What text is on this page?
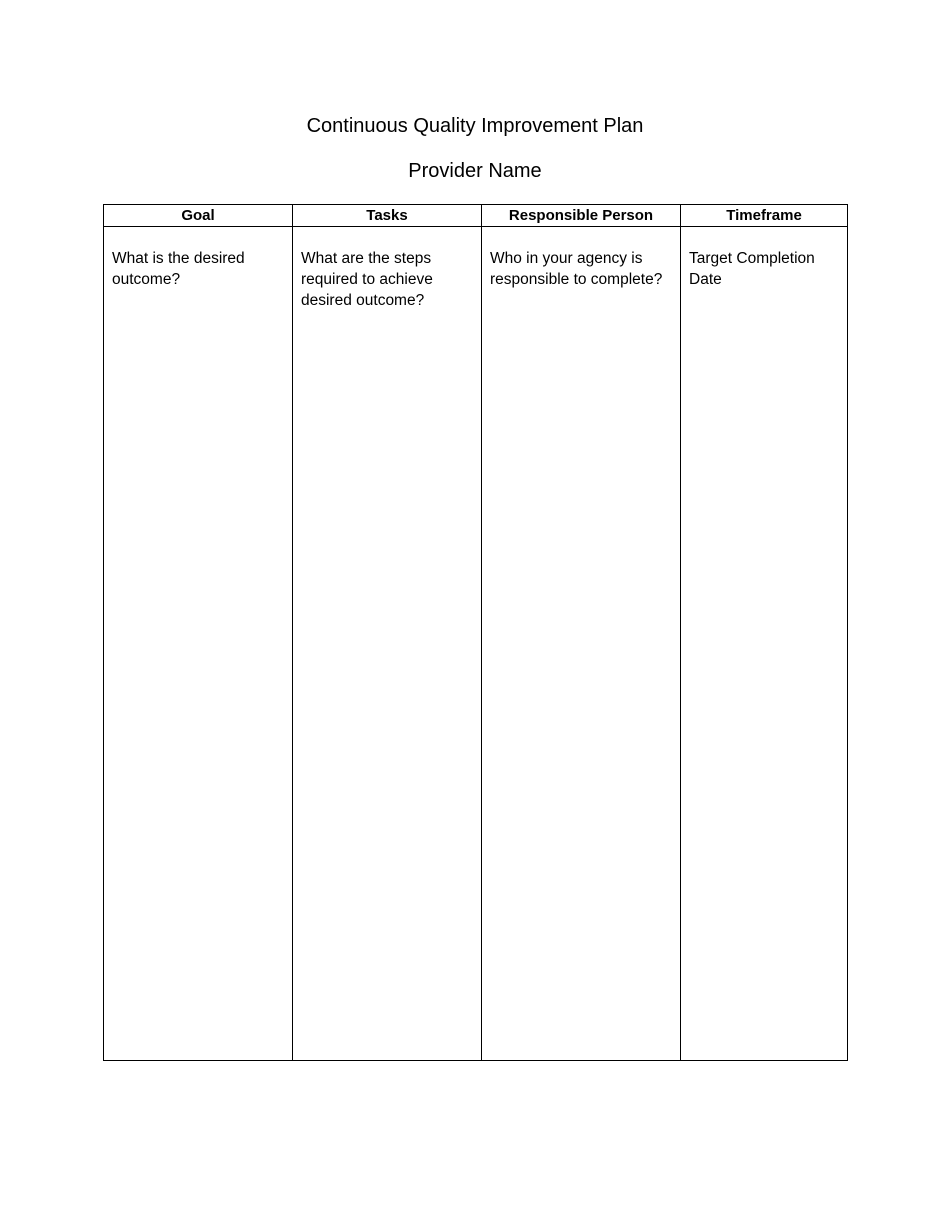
Continuous Quality Improvement Plan
Provider Name
Goal	Tasks	Responsible Person	Timeframe
What is the desired outcome?	What are the steps required to achieve desired outcome?	Who in your agency is responsible to complete?	Target Completion Date
